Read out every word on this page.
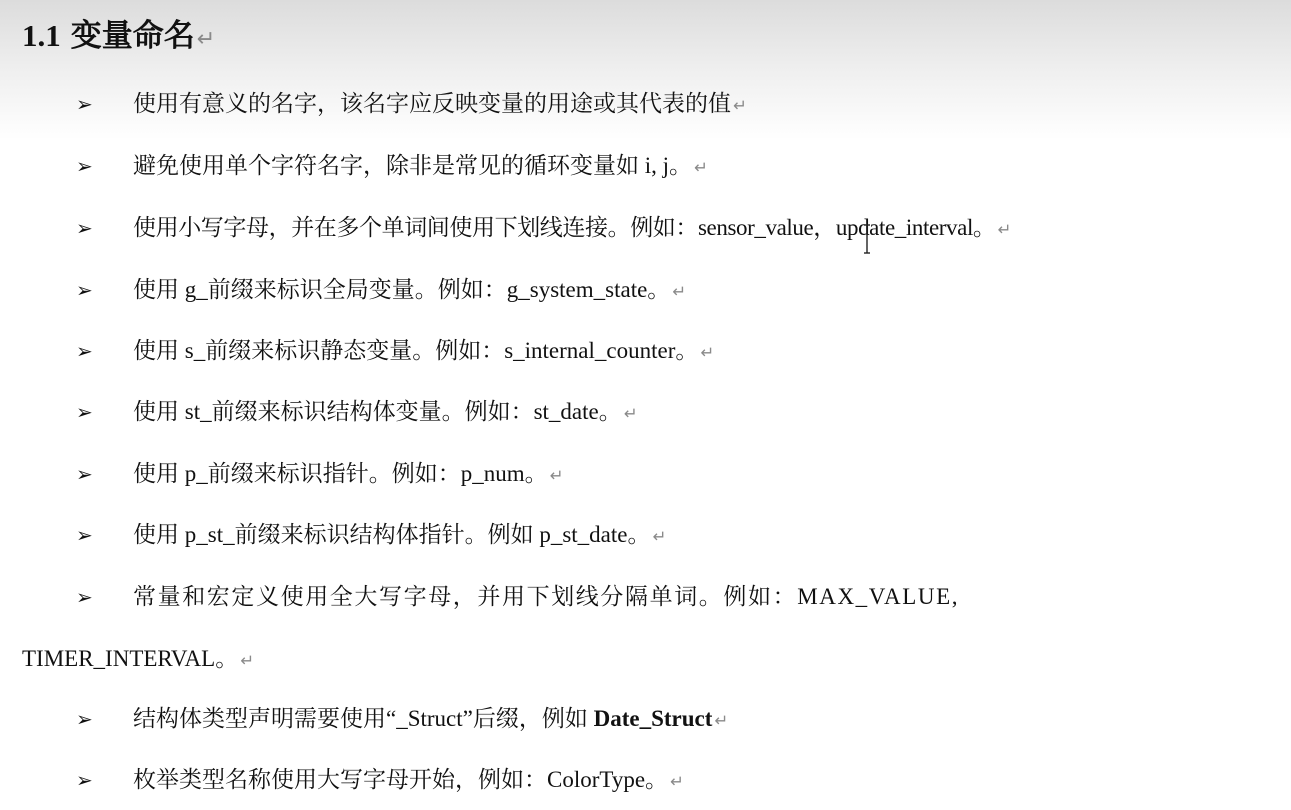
1.1 变量命名↵
➢ 使用有意义的名字，该名字应反映变量的用途或其代表的值 ↵
➢ 避免使用单个字符名字，除非是常见的循环变量如 i, j。 ↵
➢ 使用小写字母，并在多个单词间使用下划线连接。例如：sensor_value，update_interval。 ↵
➢ 使用 g_前缀来标识全局变量。例如：g_system_state。 ↵
➢ 使用 s_前缀来标识静态变量。例如：s_internal_counter。 ↵
➢ 使用 st_前缀来标识结构体变量。例如：st_date。 ↵
➢ 使用 p_前缀来标识指针。例如：p_num。 ↵
➢ 使用 p_st_前缀来标识结构体指针。例如 p_st_date。 ↵
➢ 常量和宏定义使用全大写字母，并用下划线分隔单词。例如：MAX_VALUE,
TIMER_INTERVAL。 ↵
➢ 结构体类型声明需要使用“_Struct”后缀，例如 Date_Struct ↵
➢ 枚举类型名称使用大写字母开始，例如：ColorType。 ↵
